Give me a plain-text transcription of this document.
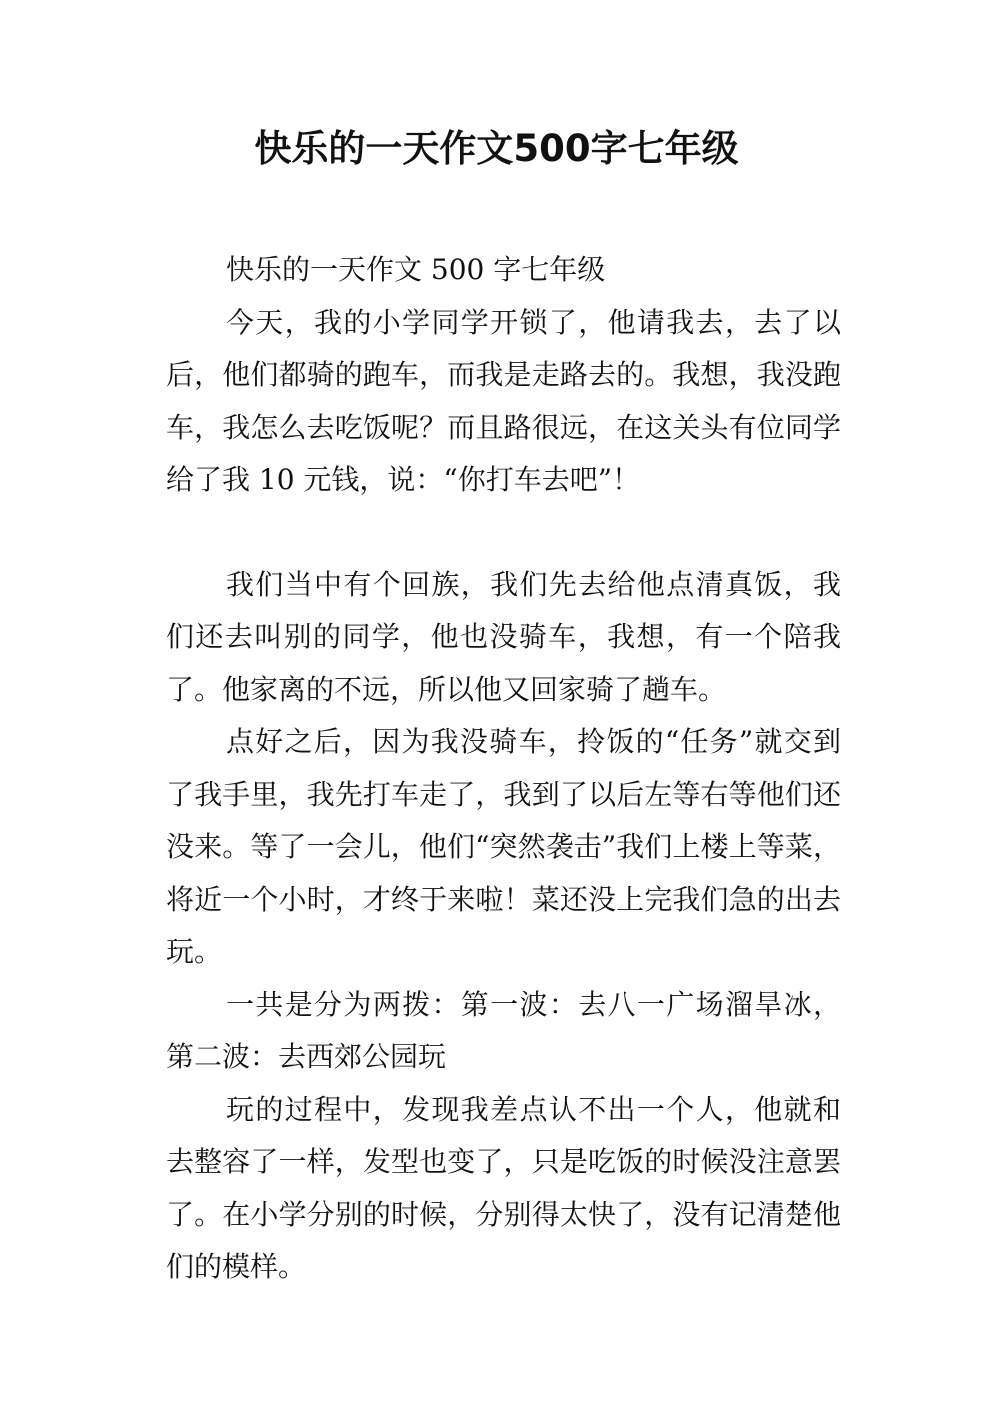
快乐的一天作文500字七年级

快乐的一天作文 500 字七年级

今天，我的小学同学开锁了，他请我去，去了以后，他们都骑的跑车，而我是走路去的。我想，我没跑车，我怎么去吃饭呢？而且路很远，在这关头有位同学给了我 10 元钱，说：“你打车去吧”！

我们当中有个回族，我们先去给他点清真饭，我们还去叫别的同学，他也没骑车，我想，有一个陪我了。他家离的不远，所以他又回家骑了趟车。

点好之后，因为我没骑车，拎饭的“任务”就交到了我手里，我先打车走了，我到了以后左等右等他们还没来。等了一会儿，他们“突然袭击”我们上楼上等菜，将近一个小时，才终于来啦！菜还没上完我们急的出去玩。

一共是分为两拨：第一波：去八一广场溜旱冰，第二波：去西郊公园玩

玩的过程中，发现我差点认不出一个人，他就和去整容了一样，发型也变了，只是吃饭的时候没注意罢了。在小学分别的时候，分别得太快了，没有记清楚他们的模样。
